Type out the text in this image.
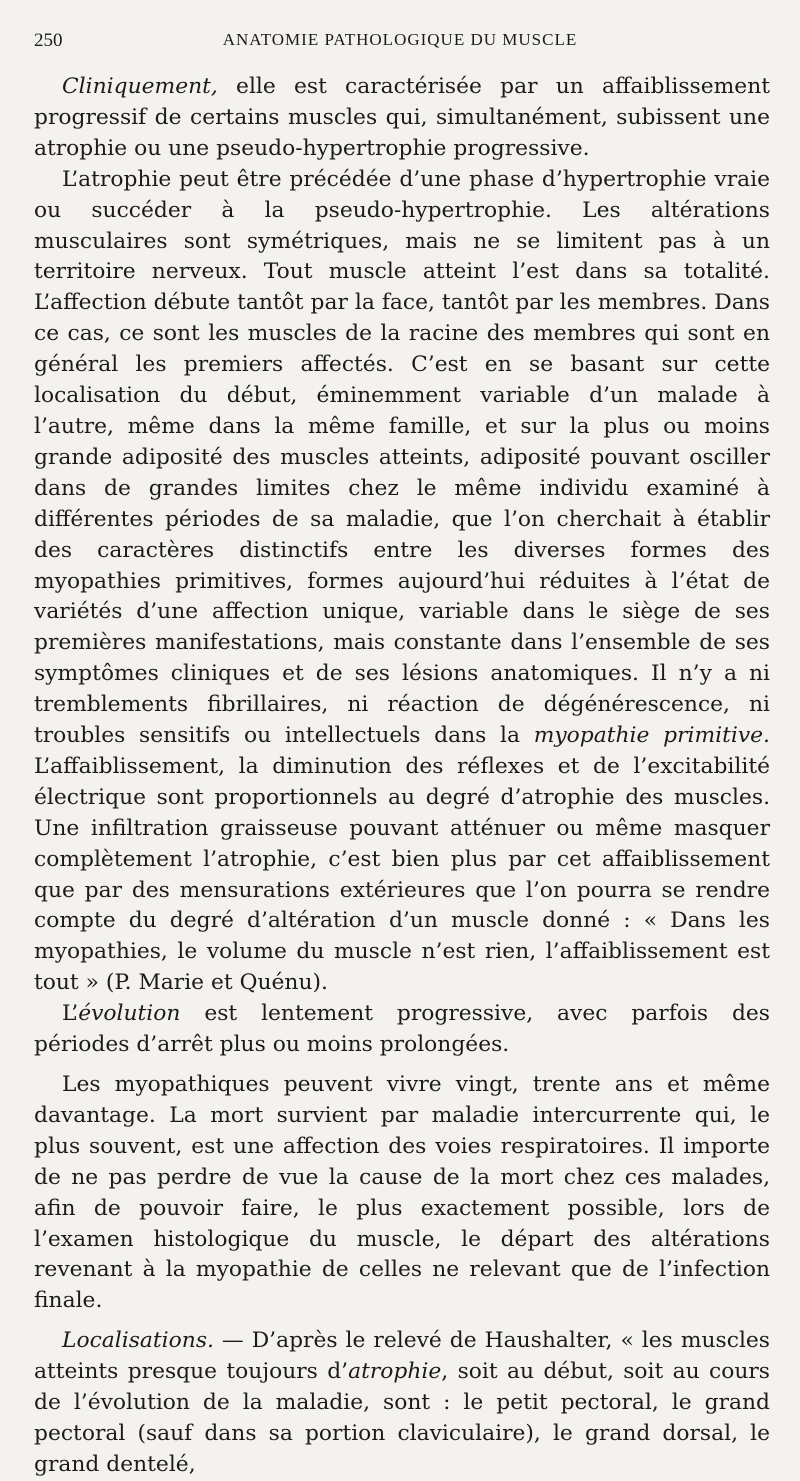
250	ANATOMIE PATHOLOGIQUE DU MUSCLE

Cliniquement, elle est caractérisée par un affaiblissement progressif de certains muscles qui, simultanément, subissent une atrophie ou une pseudo-hypertrophie progressive.

L’atrophie peut être précédée d’une phase d’hypertrophie vraie ou succéder à la pseudo-hypertrophie. Les altérations musculaires sont symétriques, mais ne se limitent pas à un territoire nerveux. Tout muscle atteint l’est dans sa totalité. L’affection débute tantôt par la face, tantôt par les membres. Dans ce cas, ce sont les muscles de la racine des membres qui sont en général les premiers affectés. C’est en se basant sur cette localisation du début, éminemment variable d’un malade à l’autre, même dans la même famille, et sur la plus ou moins grande adiposité des muscles atteints, adiposité pouvant osciller dans de grandes limites chez le même individu examiné à différentes périodes de sa maladie, que l’on cherchait à établir des caractères distinctifs entre les diverses formes des myopathies primitives, formes aujourd’hui réduites à l’état de variétés d’une affection unique, variable dans le siège de ses premières manifestations, mais constante dans l’ensemble de ses symptômes cliniques et de ses lésions anatomiques. Il n’y a ni tremblements fibrillaires, ni réaction de dégénérescence, ni troubles sensitifs ou intellectuels dans la myopathie primitive. L’affaiblissement, la diminution des réflexes et de l’excitabilité électrique sont proportionnels au degré d’atrophie des muscles. Une infiltration graisseuse pouvant atténuer ou même masquer complètement l’atrophie, c’est bien plus par cet affaiblissement que par des mensurations extérieures que l’on pourra se rendre compte du degré d’altération d’un muscle donné : « Dans les myopathies, le volume du muscle n’est rien, l’affaiblissement est tout » (P. Marie et Quénu).

L’évolution est lentement progressive, avec parfois des périodes d’arrêt plus ou moins prolongées.

Les myopathiques peuvent vivre vingt, trente ans et même davantage. La mort survient par maladie intercurrente qui, le plus souvent, est une affection des voies respiratoires. Il importe de ne pas perdre de vue la cause de la mort chez ces malades, afin de pouvoir faire, le plus exactement possible, lors de l’examen histologique du muscle, le départ des altérations revenant à la myopathie de celles ne relevant que de l’infection finale.

Localisations. — D’après le relevé de Haushalter, « les muscles atteints presque toujours d’atrophie, soit au début, soit au cours de l’évolution de la maladie, sont : le petit pectoral, le grand pectoral (sauf dans sa portion claviculaire), le grand dorsal, le grand dentelé,
